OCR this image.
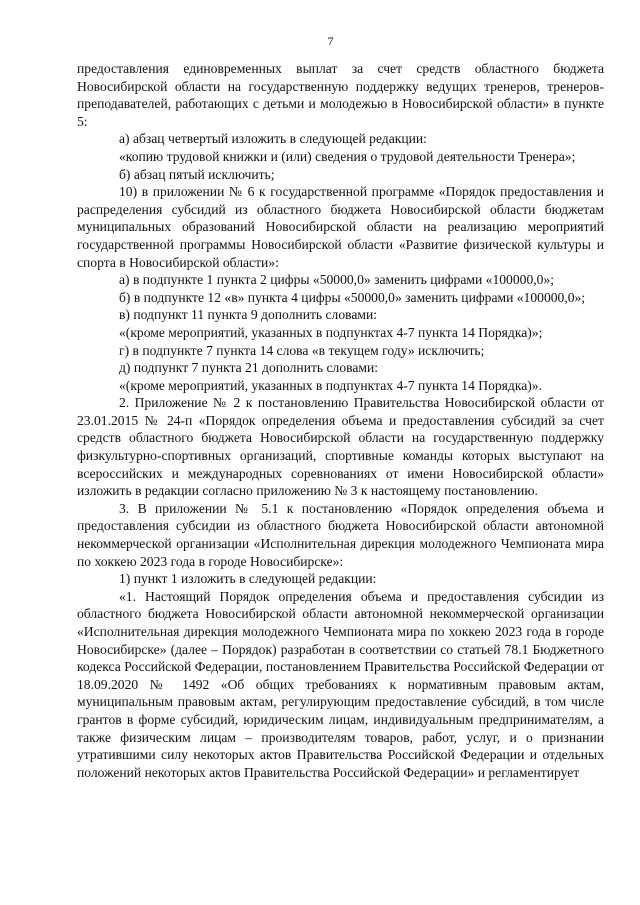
7

предоставления единовременных выплат за счет средств областного бюджета Новосибирской области на государственную поддержку ведущих тренеров, тренеров-преподавателей, работающих с детьми и молодежью в Новосибирской области» в пунктe 5:

а) абзац четвертый изложить в следующей редакции:

«копию трудовой книжки и (или) сведения о трудовой деятельности Тренера»;

б) абзац пятый исключить;

10) в приложении № 6 к государственной программе «Порядок предоставления и распределения субсидий из областного бюджета Новосибирской области бюджетам муниципальных образований Новосибирской области на реализацию мероприятий государственной программы Новосибирской области «Развитие физической культуры и спорта в Новосибирской области»:

а) в подпункте 1 пункта 2 цифры «50000,0» заменить цифрами «100000,0»;

б) в подпункте 12 «в» пункта 4 цифры «50000,0» заменить цифрами «100000,0»;

в) подпункт 11 пункта 9 дополнить словами:

«(кроме мероприятий, указанных в подпунктах 4-7 пункта 14 Порядка)»;

г) в подпункте 7 пункта 14 слова «в текущем году» исключить;

д) подпункт 7 пункта 21 дополнить словами:

«(кроме мероприятий, указанных в подпунктах 4-7 пункта 14 Порядка)».

2. Приложение № 2 к постановлению Правительства Новосибирской области от 23.01.2015 № 24-п «Порядок определения объема и предоставления субсидий за счет средств областного бюджета Новосибирской области на государственную поддержку физкультурно-спортивных организаций, спортивные команды которых выступают на всероссийских и международных соревнованиях от имени Новосибирской области» изложить в редакции согласно приложению № 3 к настоящему постановлению.

3. В приложении № 5.1 к постановлению «Порядок определения объема и предоставления субсидии из областного бюджета Новосибирской области автономной некоммерческой организации «Исполнительная дирекция молодежного Чемпионата мира по хоккею 2023 года в городе Новосибирске»:

1) пункт 1 изложить в следующей редакции:

«1. Настоящий Порядок определения объема и предоставления субсидии из областного бюджета Новосибирской области автономной некоммерческой организации «Исполнительная дирекция молодежного Чемпионата мира по хоккею 2023 года в городе Новосибирске» (далее – Порядок) разработан в соответствии со статьей 78.1 Бюджетного кодекса Российской Федерации, постановлением Правительства Российской Федерации от 18.09.2020 № 1492 «Об общих требованиях к нормативным правовым актам, муниципальным правовым актам, регулирующим предоставление субсидий, в том числе грантов в форме субсидий, юридическим лицам, индивидуальным предпринимателям, а также физическим лицам – производителям товаров, работ, услуг, и о признании утратившими силу некоторых актов Правительства Российской Федерации и отдельных положений некоторых актов Правительства Российской Федерации» и регламентирует
